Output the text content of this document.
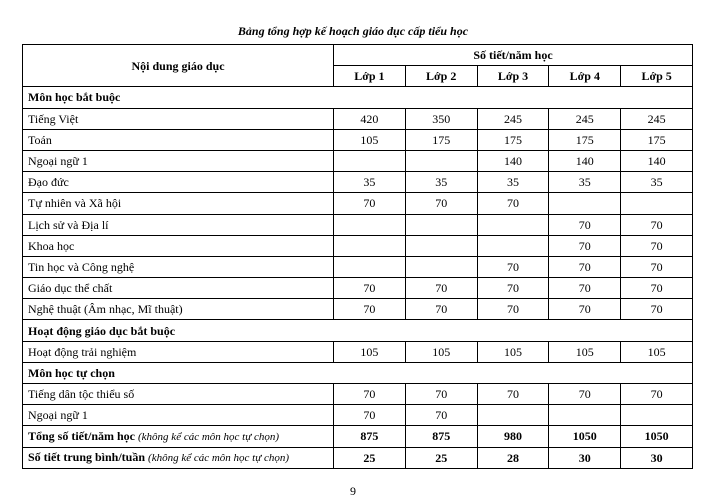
Bảng tổng hợp kế hoạch giáo dục cấp tiểu học
Nội dung giáo dục	Số tiết/năm học				
	Lớp 1	Lớp 2	Lớp 3	Lớp 4	Lớp 5
Môn học bắt buộc					
Tiếng Việt	420	350	245	245	245
Toán	105	175	175	175	175
Ngoại ngữ 1			140	140	140
Đạo đức	35	35	35	35	35
Tự nhiên và Xã hội	70	70	70		
Lịch sử và Địa lí				70	70
Khoa học				70	70
Tin học và Công nghệ			70	70	70
Giáo dục thể chất	70	70	70	70	70
Nghệ thuật (Âm nhạc, Mĩ thuật)	70	70	70	70	70
Hoạt động giáo dục bắt buộc					
Hoạt động trải nghiệm	105	105	105	105	105
Môn học tự chọn					
Tiếng dân tộc thiểu số	70	70	70	70	70
Ngoại ngữ 1	70	70			
Tổng số tiết/năm học (không kể các môn học tự chọn)	875	875	980	1050	1050
Số tiết trung bình/tuần (không kể các môn học tự chọn)	25	25	28	30	30
9
